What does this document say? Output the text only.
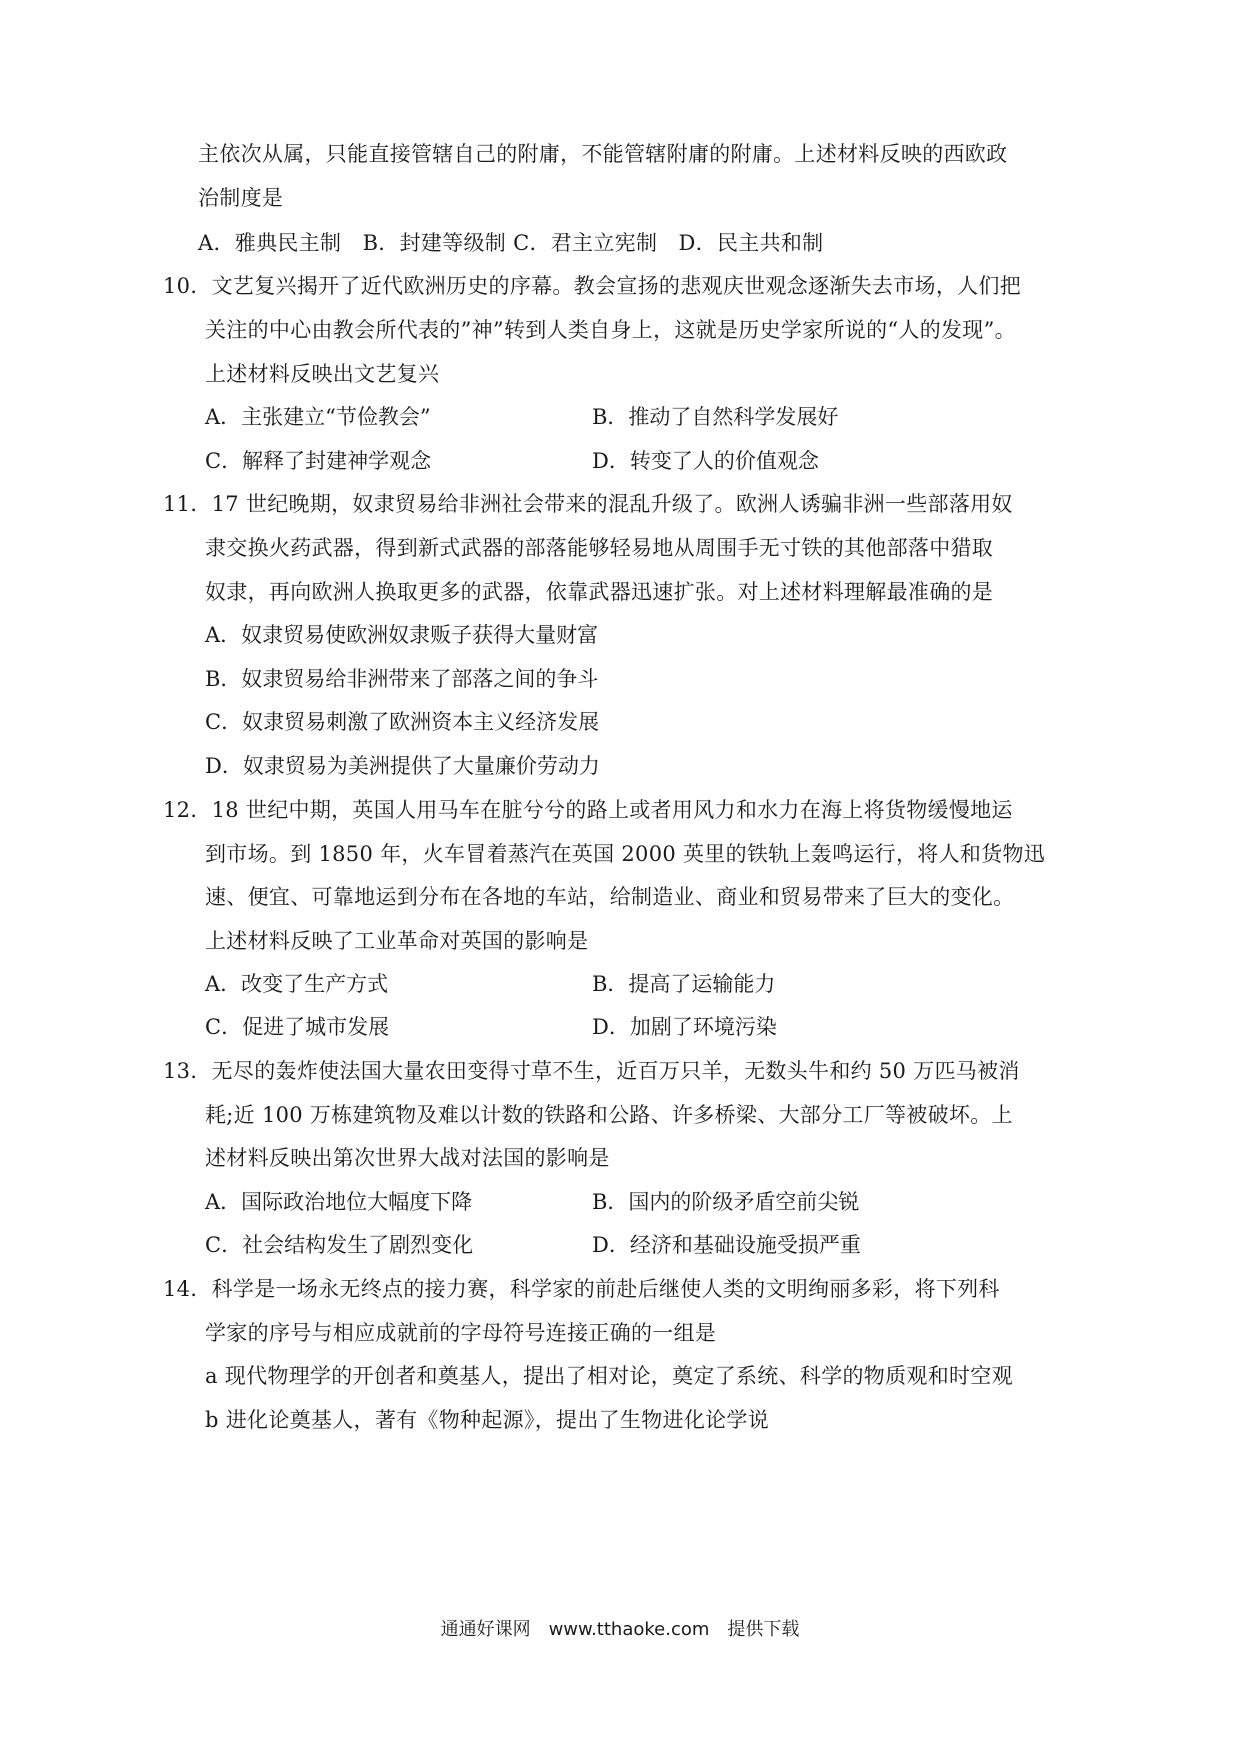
主依次从属，只能直接管辖自己的附庸，不能管辖附庸的附庸。上述材料反映的西欧政
治制度是
A．雅典民主制　B．封建等级制 C．君主立宪制　D．民主共和制
10．文艺复兴揭开了近代欧洲历史的序幕。教会宣扬的悲观庆世观念逐渐失去市场，人们把
关注的中心由教会所代表的”神”转到人类自身上，这就是历史学家所说的“人的发现”。
上述材料反映出文艺复兴
A．主张建立“节俭教会”	B．推动了自然科学发展好
C．解释了封建神学观念	D．转变了人的价值观念
11．17 世纪晚期，奴隶贸易给非洲社会带来的混乱升级了。欧洲人诱骗非洲一些部落用奴
隶交换火药武器，得到新式武器的部落能够轻易地从周围手无寸铁的其他部落中猎取
奴隶，再向欧洲人换取更多的武器，依靠武器迅速扩张。对上述材料理解最准确的是
A．奴隶贸易使欧洲奴隶贩子获得大量财富
B．奴隶贸易给非洲带来了部落之间的争斗
C．奴隶贸易刺激了欧洲资本主义经济发展
D．奴隶贸易为美洲提供了大量廉价劳动力
12．18 世纪中期，英国人用马车在脏兮兮的路上或者用风力和水力在海上将货物缓慢地运
到市场。到 1850 年，火车冒着蒸汽在英国 2000 英里的铁轨上轰鸣运行，将人和货物迅
速、便宜、可靠地运到分布在各地的车站，给制造业、商业和贸易带来了巨大的变化。
上述材料反映了工业革命对英国的影响是
A．改变了生产方式	B．提高了运输能力
C．促进了城市发展	D．加剧了环境污染
13．无尽的轰炸使法国大量农田变得寸草不生，近百万只羊，无数头牛和约 50 万匹马被消
耗;近 100 万栋建筑物及难以计数的铁路和公路、许多桥梁、大部分工厂等被破坏。上
述材料反映出第次世界大战对法国的影响是
A．国际政治地位大幅度下降	B．国内的阶级矛盾空前尖锐
C．社会结构发生了剧烈变化	D．经济和基础设施受损严重
14．科学是一场永无终点的接力赛，科学家的前赴后继使人类的文明绚丽多彩，将下列科
学家的序号与相应成就前的字母符号连接正确的一组是
a 现代物理学的开创者和奠基人，提出了相对论，奠定了系统、科学的物质观和时空观
b 进化论奠基人，著有《物种起源》，提出了生物进化论学说
通通好课网　www.tthaoke.com　提供下载
